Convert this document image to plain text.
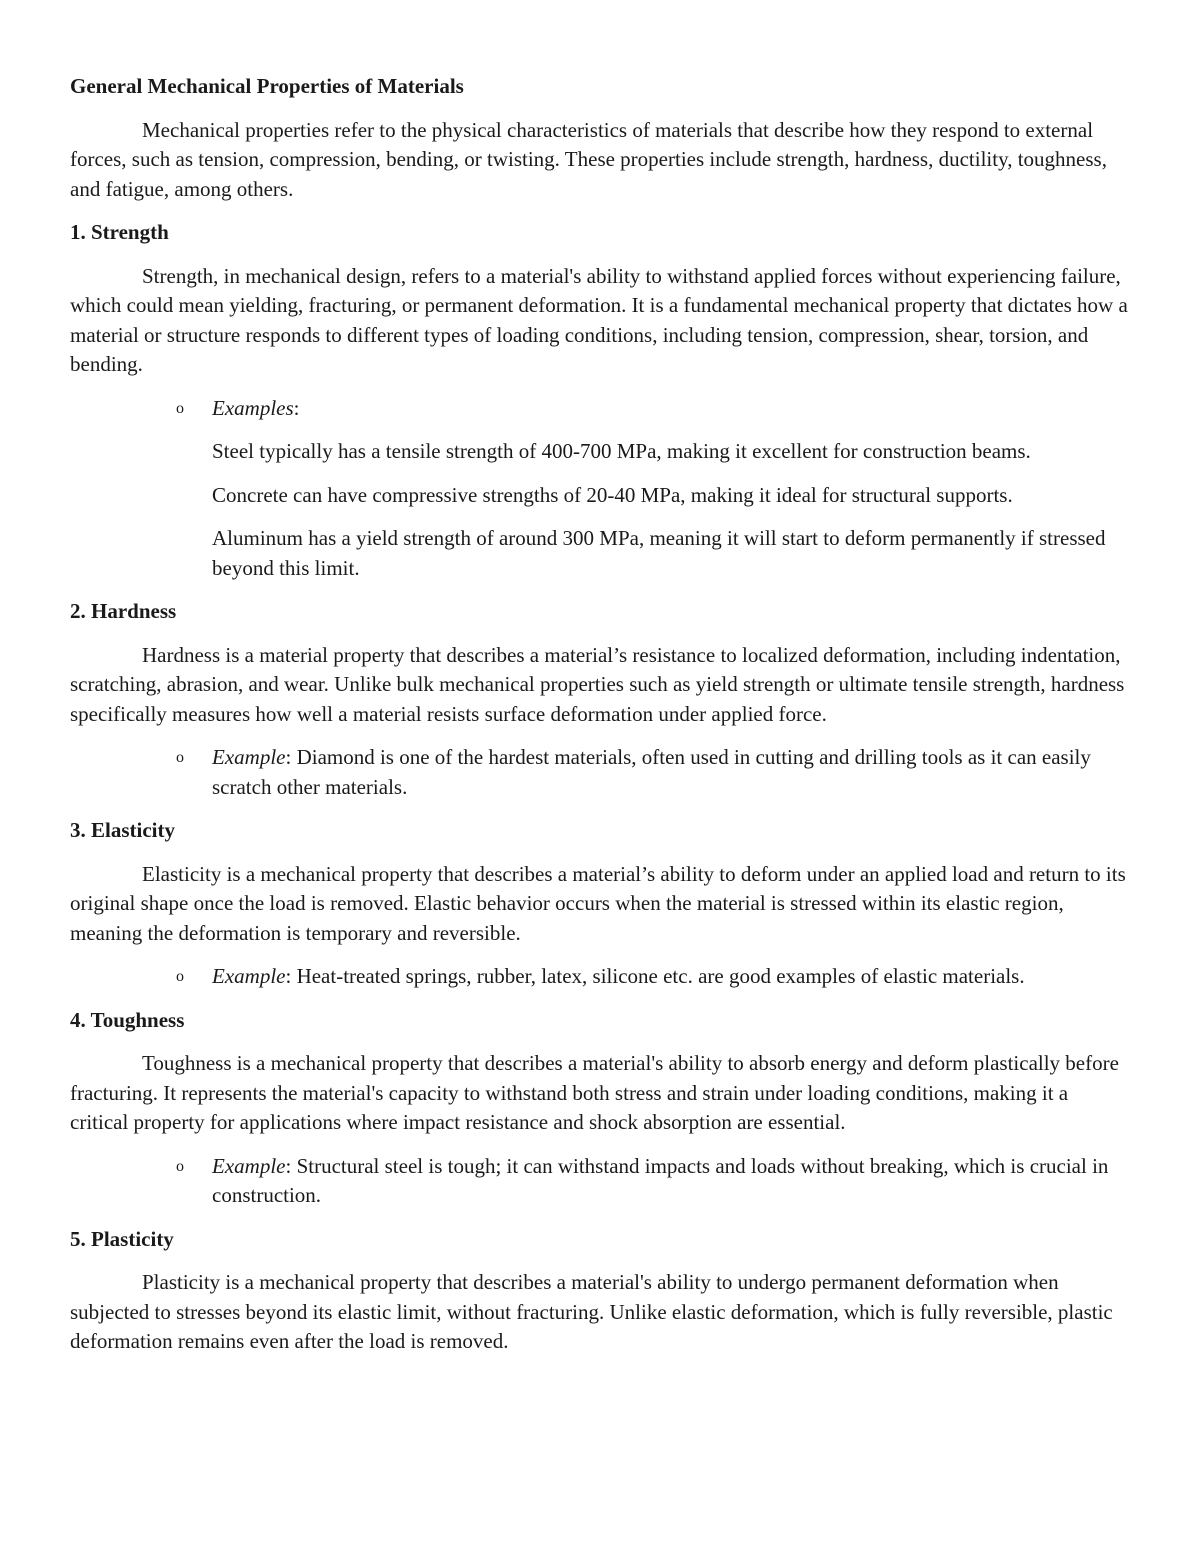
General Mechanical Properties of Materials

Mechanical properties refer to the physical characteristics of materials that describe how they respond to external forces, such as tension, compression, bending, or twisting. These properties include strength, hardness, ductility, toughness, and fatigue, among others.

1. Strength

Strength, in mechanical design, refers to a material's ability to withstand applied forces without experiencing failure, which could mean yielding, fracturing, or permanent deformation. It is a fundamental mechanical property that dictates how a material or structure responds to different types of loading conditions, including tension, compression, shear, torsion, and bending.

o Examples:

Steel typically has a tensile strength of 400-700 MPa, making it excellent for construction beams.

Concrete can have compressive strengths of 20-40 MPa, making it ideal for structural supports.

Aluminum has a yield strength of around 300 MPa, meaning it will start to deform permanently if stressed beyond this limit.

2. Hardness

Hardness is a material property that describes a material’s resistance to localized deformation, including indentation, scratching, abrasion, and wear. Unlike bulk mechanical properties such as yield strength or ultimate tensile strength, hardness specifically measures how well a material resists surface deformation under applied force.

o Example: Diamond is one of the hardest materials, often used in cutting and drilling tools as it can easily scratch other materials.

3. Elasticity

Elasticity is a mechanical property that describes a material’s ability to deform under an applied load and return to its original shape once the load is removed. Elastic behavior occurs when the material is stressed within its elastic region, meaning the deformation is temporary and reversible.

o Example: Heat-treated springs, rubber, latex, silicone etc. are good examples of elastic materials.

4. Toughness

Toughness is a mechanical property that describes a material's ability to absorb energy and deform plastically before fracturing. It represents the material's capacity to withstand both stress and strain under loading conditions, making it a critical property for applications where impact resistance and shock absorption are essential.

o Example: Structural steel is tough; it can withstand impacts and loads without breaking, which is crucial in construction.

5. Plasticity

Plasticity is a mechanical property that describes a material's ability to undergo permanent deformation when subjected to stresses beyond its elastic limit, without fracturing. Unlike elastic deformation, which is fully reversible, plastic deformation remains even after the load is removed.
